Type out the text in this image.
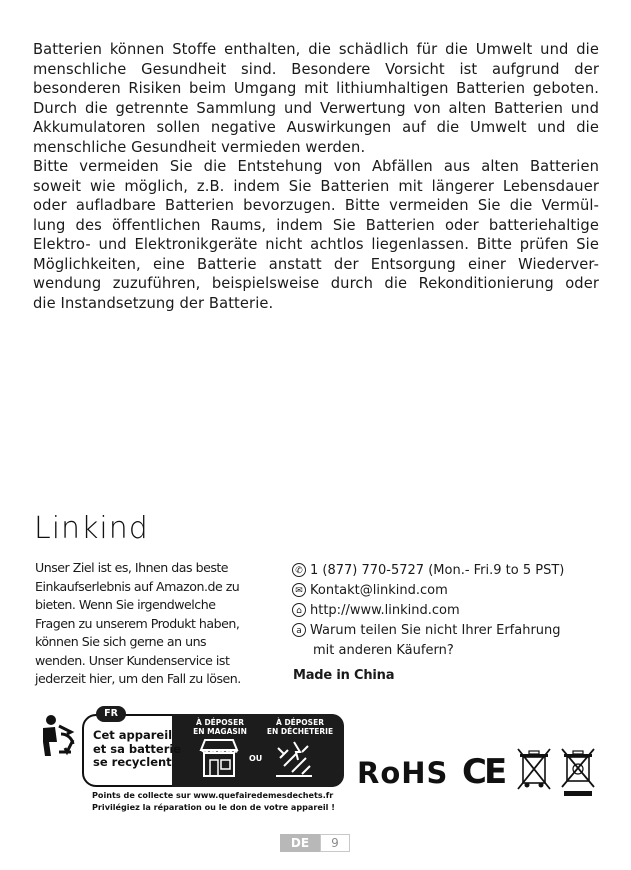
Batterien können Stoffe enthalten, die schädlich für die Umwelt und die
menschliche Gesundheit sind. Besondere Vorsicht ist aufgrund der
besonderen Risiken beim Umgang mit lithiumhaltigen Batterien geboten.
Durch die getrennte Sammlung und Verwertung von alten Batterien und
Akkumulatoren sollen negative Auswirkungen auf die Umwelt und die
menschliche Gesundheit vermieden werden.
Bitte vermeiden Sie die Entstehung von Abfällen aus alten Batterien
soweit wie möglich, z.B. indem Sie Batterien mit längerer Lebensdauer
oder aufladbare Batterien bevorzugen. Bitte vermeiden Sie die Vermül-
lung des öffentlichen Raums, indem Sie Batterien oder batteriehaltige
Elektro- und Elektronikgeräte nicht achtlos liegenlassen. Bitte prüfen Sie
Möglichkeiten, eine Batterie anstatt der Entsorgung einer Wiederver-
wendung zuzuführen, beispielsweise durch die Rekonditionierung oder
die Instandsetzung der Batterie.
Linkind
Unser Ziel ist es, Ihnen das beste
Einkaufserlebnis auf Amazon.de zu
bieten. Wenn Sie irgendwelche
Fragen zu unserem Produkt haben,
können Sie sich gerne an uns
wenden. Unser Kundenservice ist
jederzeit hier, um den Fall zu lösen.
✆ 1 (877) 770-5727 (Mon.- Fri.9 to 5 PST)
✉ Kontakt@linkind.com
⌂ http://www.linkind.com
a Warum teilen Sie nicht Ihrer Erfahrung
mit anderen Käufern?
Made in China
FR
Cet appareil
et sa batterie
se recyclent
À DÉPOSER
EN MAGASIN
À DÉPOSER
EN DÉCHETERIE
OU
Points de collecte sur www.quefairedemesdechets.fr
Privilégiez la réparation ou le don de votre appareil !
RoHS CE
DE	9
